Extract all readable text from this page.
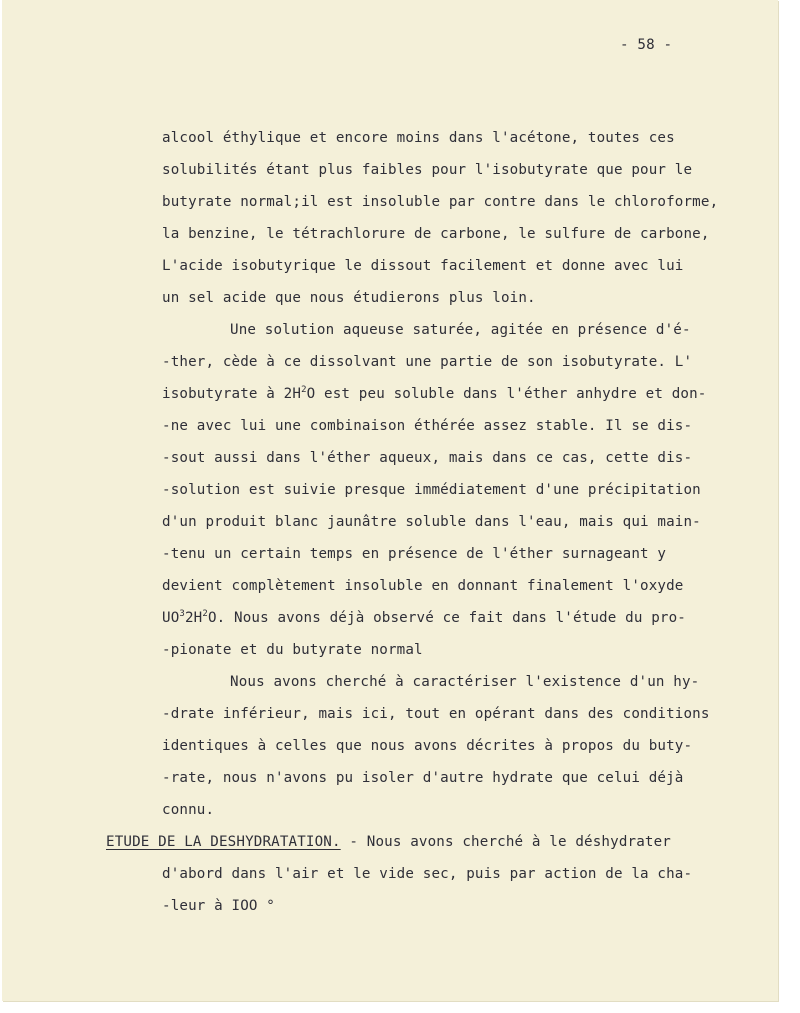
- 58 -
alcool éthylique et encore moins dans l'acétone, toutes ces
solubilités étant plus faibles pour l'isobutyrate que pour le
butyrate normal;il est insoluble par contre dans le chloroforme,
la benzine, le tétrachlorure de carbone, le sulfure de carbone,
L'acide isobutyrique le dissout facilement et donne avec lui
un sel acide que nous étudierons plus loin.
Une solution aqueuse saturée, agitée en présence d'é-
-ther, cède à ce dissolvant une partie de son isobutyrate. L'
isobutyrate à $2H^2O$ est peu soluble dans l'éther anhydre et don-
-ne avec lui une combinaison éthérée assez stable. Il se dis-
-sout aussi dans l'éther aqueux, mais dans ce cas, cette dis-
-solution est suivie presque immédiatement d'une précipitation
d'un produit blanc jaunâtre soluble dans l'eau, mais qui main-
-tenu un certain temps en présence de l'éther surnageant y
devient complètement insoluble en donnant finalement l'oxyde
$UO^32H^2O$. Nous avons déjà observé ce fait dans l'étude du pro-
-pionate et du butyrate normal
Nous avons cherché à caractériser l'existence d'un hy-
-drate inférieur, mais ici, tout en opérant dans des conditions
identiques à celles que nous avons décrites à propos du buty-
-rate, nous n'avons pu isoler d'autre hydrate que celui déjà
connu.
ETUDE DE LA DESHYDRATATION. - Nous avons cherché à le déshydrater
d'abord dans l'air et le vide sec, puis par action de la cha-
-leur à IOO °
